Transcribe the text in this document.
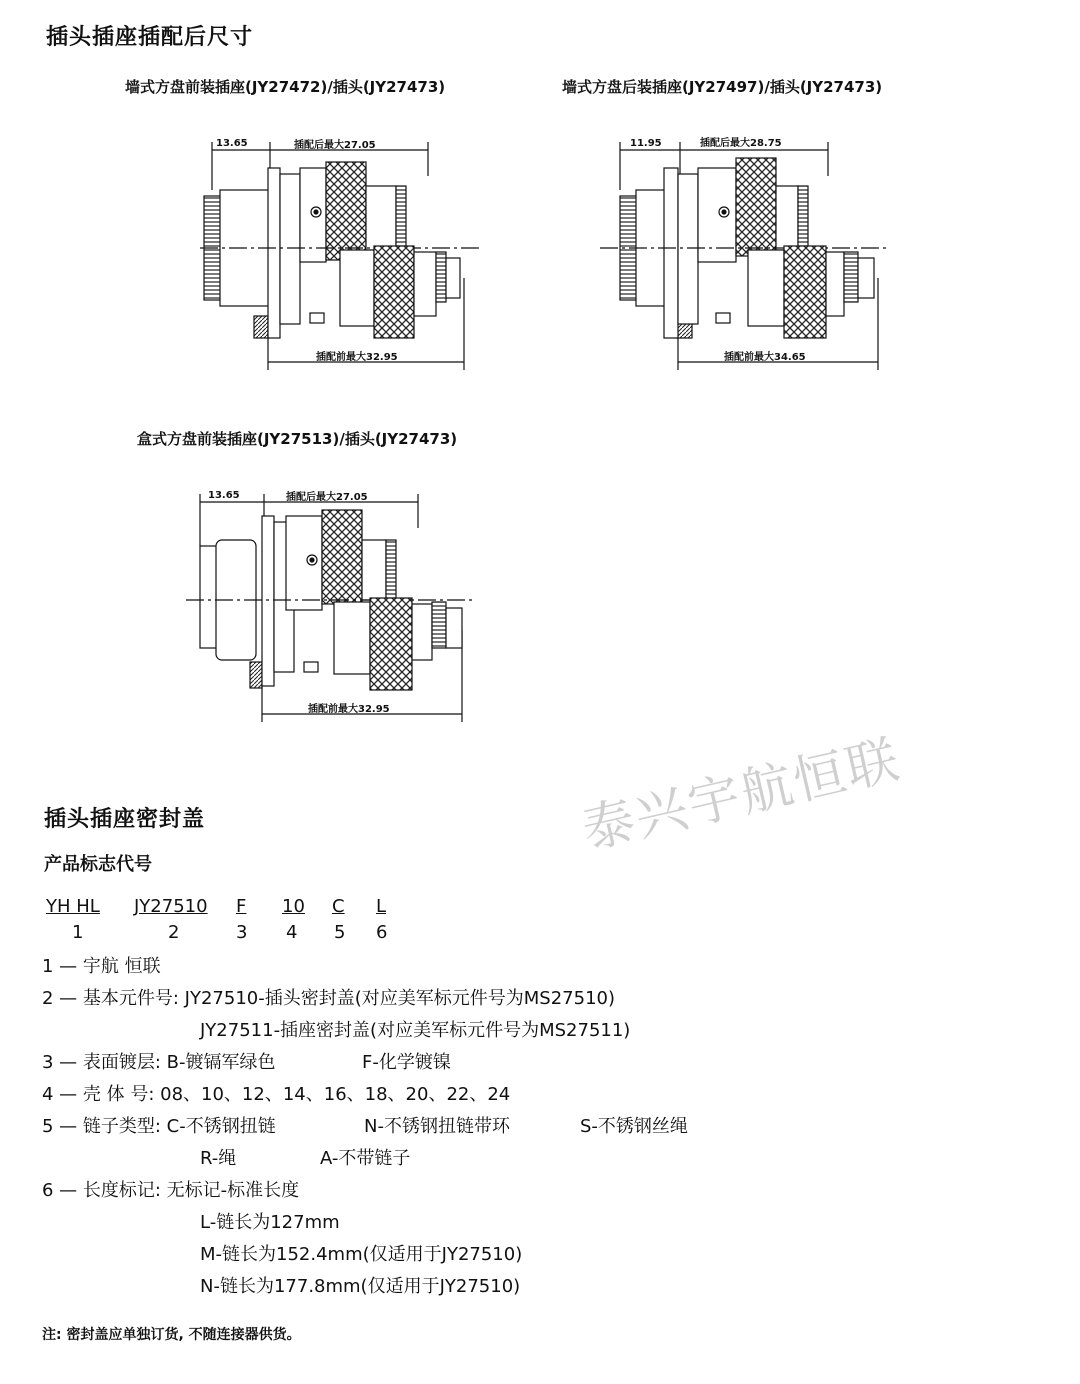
插头插座插配后尺寸
墙式方盘前装插座(JY27472)/插头(JY27473)	墙式方盘后装插座(JY27497)/插头(JY27473)
盒式方盘前装插座(JY27513)/插头(JY27473)
13.65	插配后最大27.05
插配前最大32.95
11.95	插配后最大28.75
插配前最大34.65
13.65	插配后最大27.05
插配前最大32.95
泰兴宇航恒联
插头插座密封盖
产品标志代号
YH HL JY27510 F 10 C L
1	2	3 4 5 6
1 — 宇航 恒联
2 — 基本元件号: JY27510-插头密封盖(对应美军标元件号为MS27510)
JY27511-插座密封盖(对应美军标元件号为MS27511)
3 — 表面镀层: B-镀镉军绿色	F-化学镀镍
4 — 壳 体 号: 08、10、12、14、16、18、20、22、24
5 — 链子类型: C-不锈钢扭链	N-不锈钢扭链带环	S-不锈钢丝绳
R-绳	A-不带链子
6 — 长度标记: 无标记-标准长度
L-链长为127mm
M-链长为152.4mm(仅适用于JY27510)
N-链长为177.8mm(仅适用于JY27510)
注: 密封盖应单独订货, 不随连接器供货。
